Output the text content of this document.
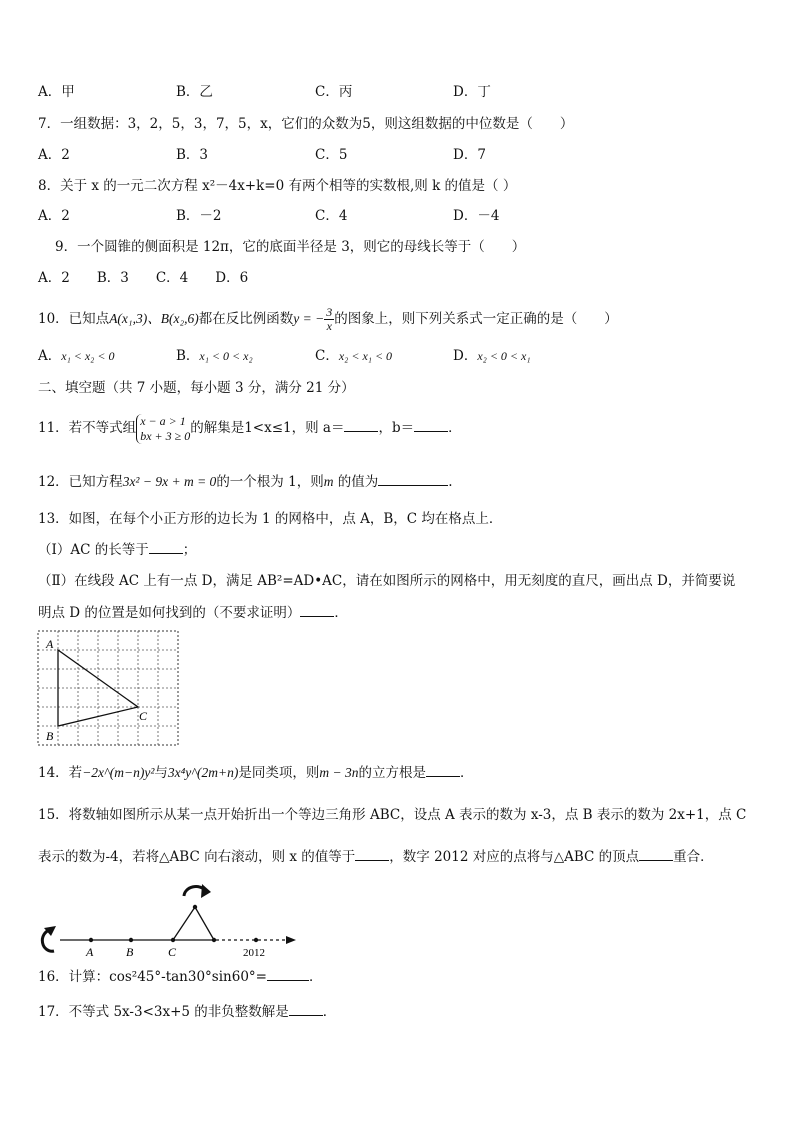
A．甲	B．乙	C．丙	D．丁
7．一组数据：3，2，5，3，7，5，x，它们的众数为5，则这组数据的中位数是（　　）
A．2	B．3	C．5	D．7
8．关于 x 的一元二次方程 x²－4x+k=0 有两个相等的实数根,则 k 的值是（ ）
A．2	B．－2	C．4	D．－4
9．一个圆锥的侧面积是 12π，它的底面半径是 3，则它的母线长等于（　　）
A．2　　B．3　　C．4　　D．6
10．已知点A(x₁,3)、B(x₂,6)都在反比例函数y = − $\frac{3}{x}$ 的图象上，则下列关系式一定正确的是（　　）
A．x₁ < x₂ < 0	B．x₁ < 0 < x₂	C．x₂ < x₁ < 0	D．x₂ < 0 < x₁
二、填空题（共 7 小题，每小题 3 分，满分 21 分）
11．若不等式组 x − a > 1
bx + 3 ≥ 0 的解集是1<x≤1，则 a＝	，b＝	．
12．已知方程3x² − 9x + m = 0的一个根为 1，则m 的值为	.
13．如图，在每个小正方形的边长为 1 的网格中，点 A，B，C 均在格点上．
（Ⅰ）AC 的长等于	；
（Ⅱ）在线段 AC 上有一点 D，满足 AB²=AD•AC，请在如图所示的网格中，用无刻度的直尺，画出点 D，并简要说
明点 D 的位置是如何找到的（不要求证明）	．
A
B
C
14．若−2x^(m−n)y²与3x⁴y^(2m+n)是同类项，则m − 3n的立方根是	．
15．将数轴如图所示从某一点开始折出一个等边三角形 ABC，设点 A 表示的数为 x-3，点 B 表示的数为 2x+1，点 C
表示的数为-4，若将△ABC 向右滚动，则 x 的值等于	，数字 2012 对应的点将与△ABC 的顶点	重合．
A	B	C	2012
16．计算：cos²45°-tan30°sin60°=	．
17．不等式 5x-3<3x+5 的非负整数解是	．
